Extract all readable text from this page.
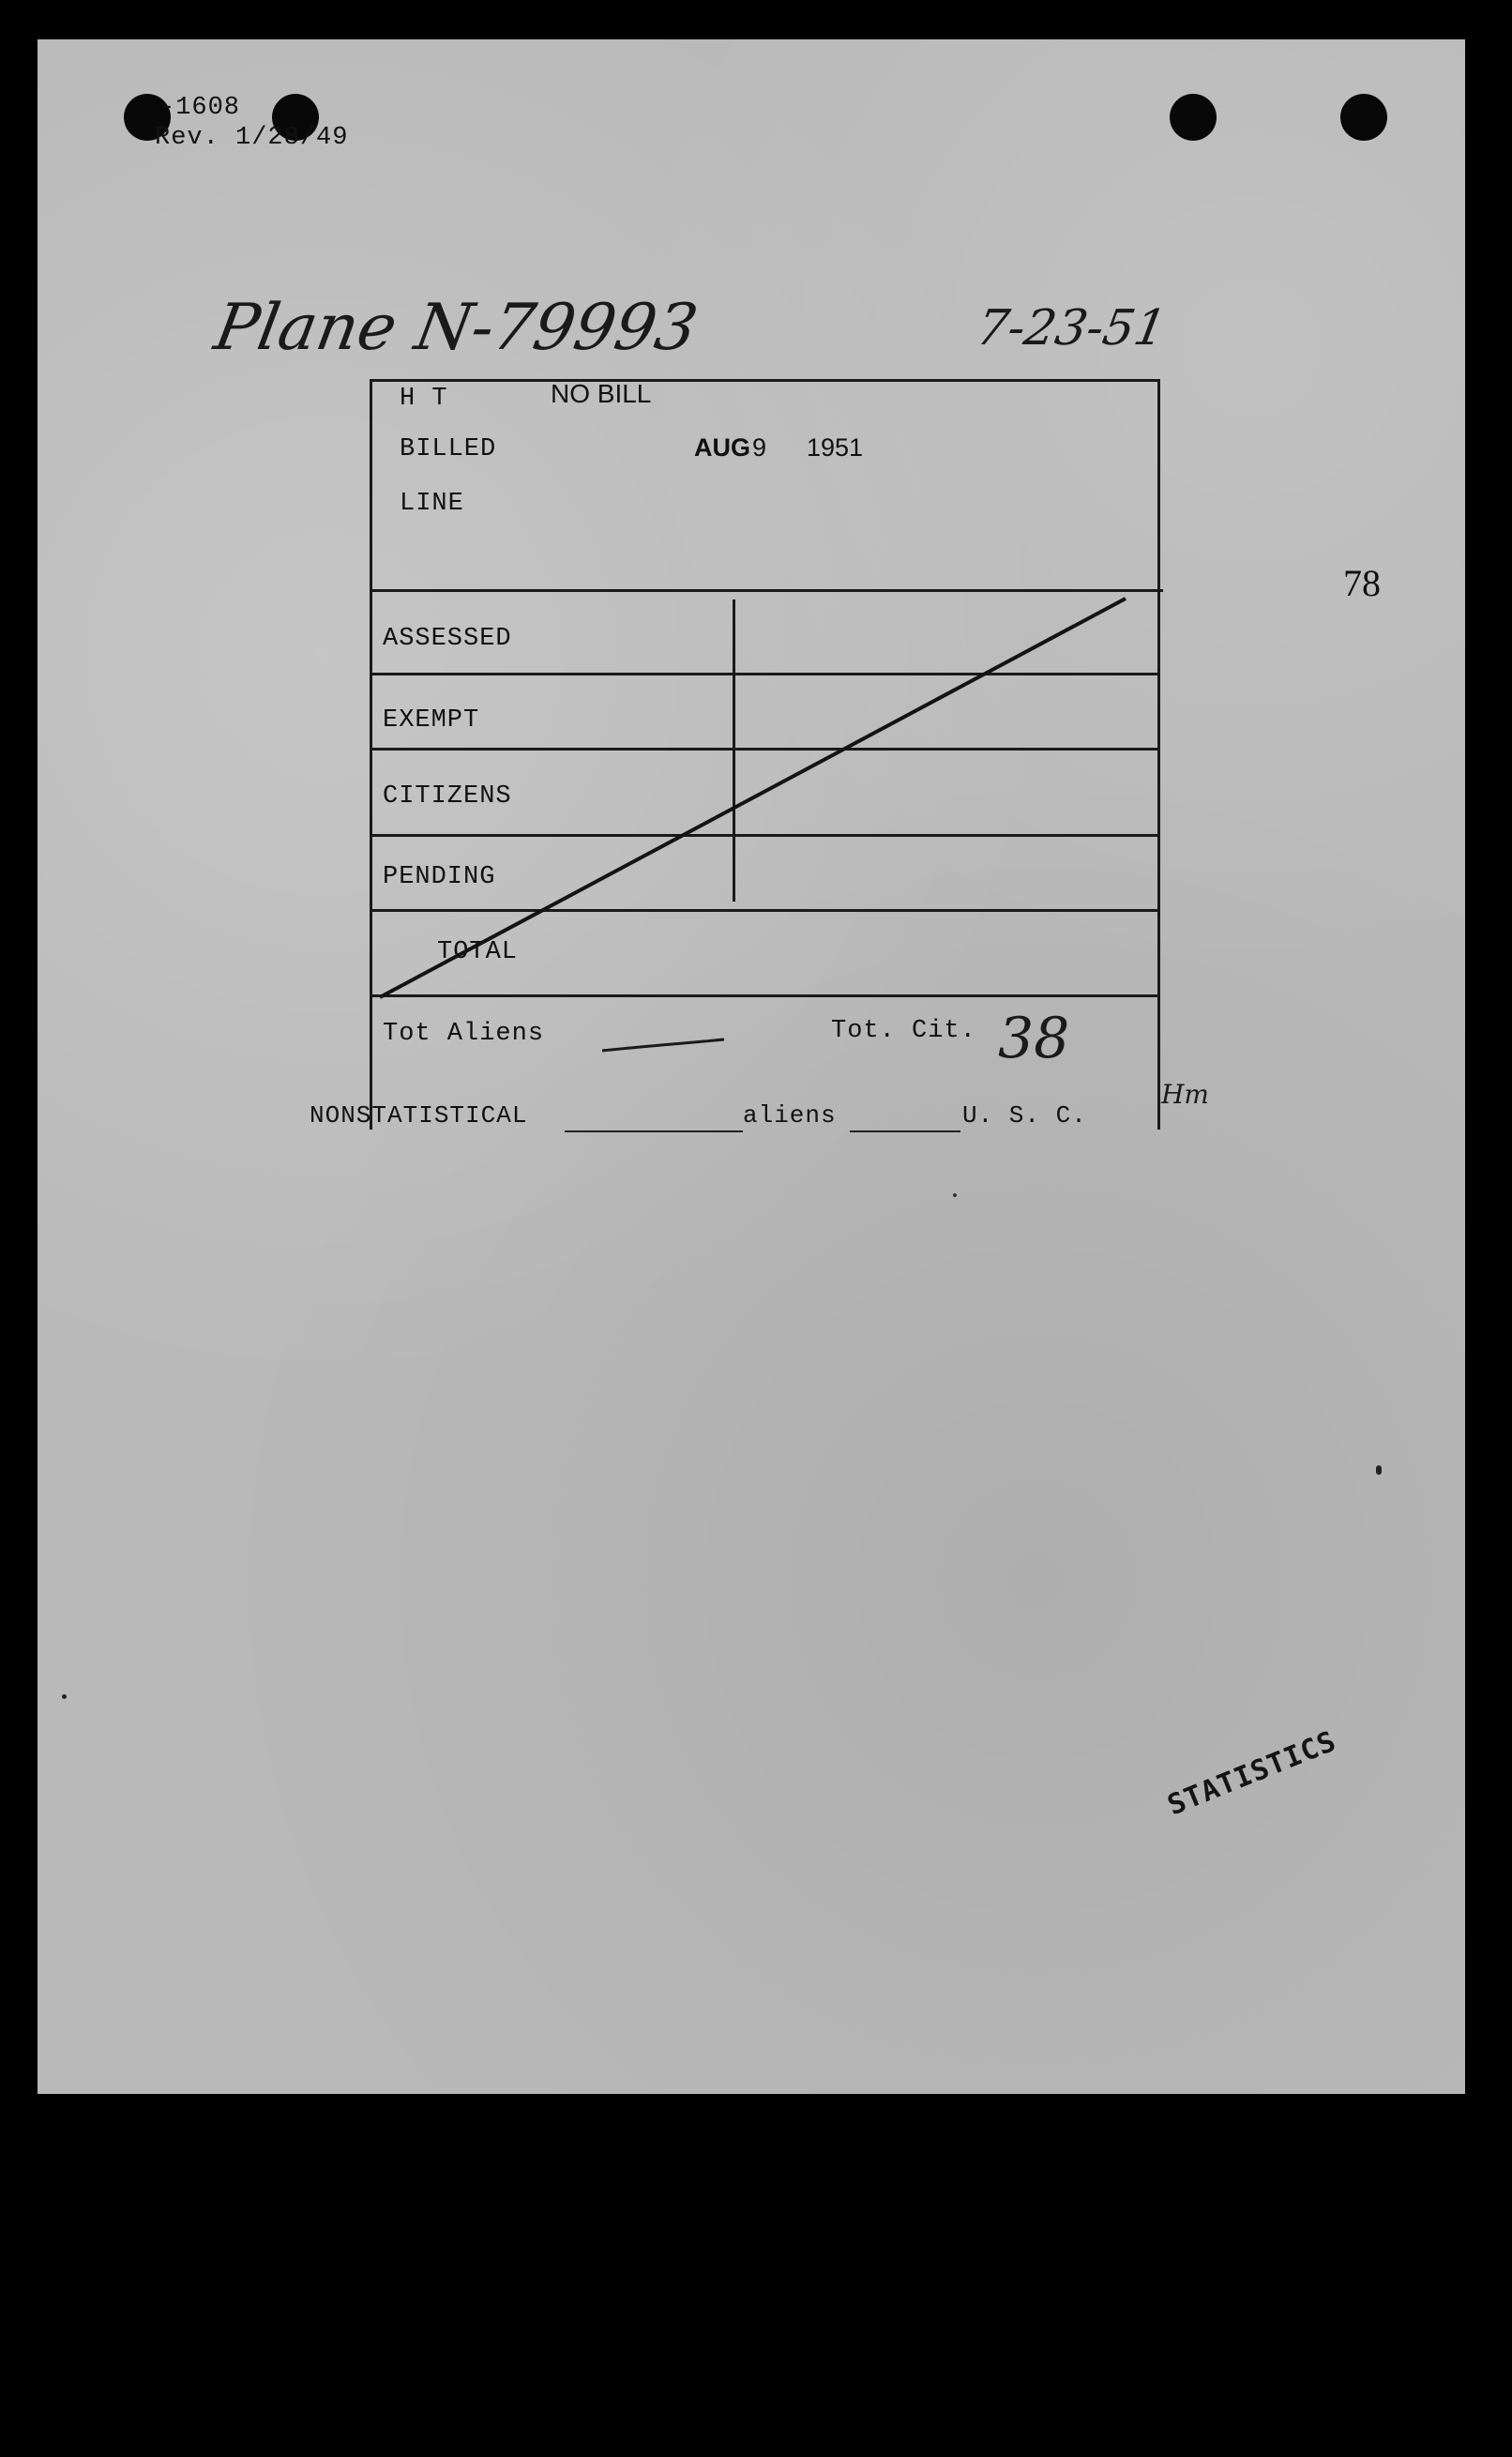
-1608
Rev. 1/28/49
Plane N-79993	7-23-51
78
H T	NO BILL
BILLED	AUG 9 1951
LINE
ASSESSED
EXEMPT
CITIZENS
PENDING
TOTAL
Tot Aliens	Tot. Cit. 38
Hm
NONSTATISTICAL	aliens	U. S. C.
STATISTICS
